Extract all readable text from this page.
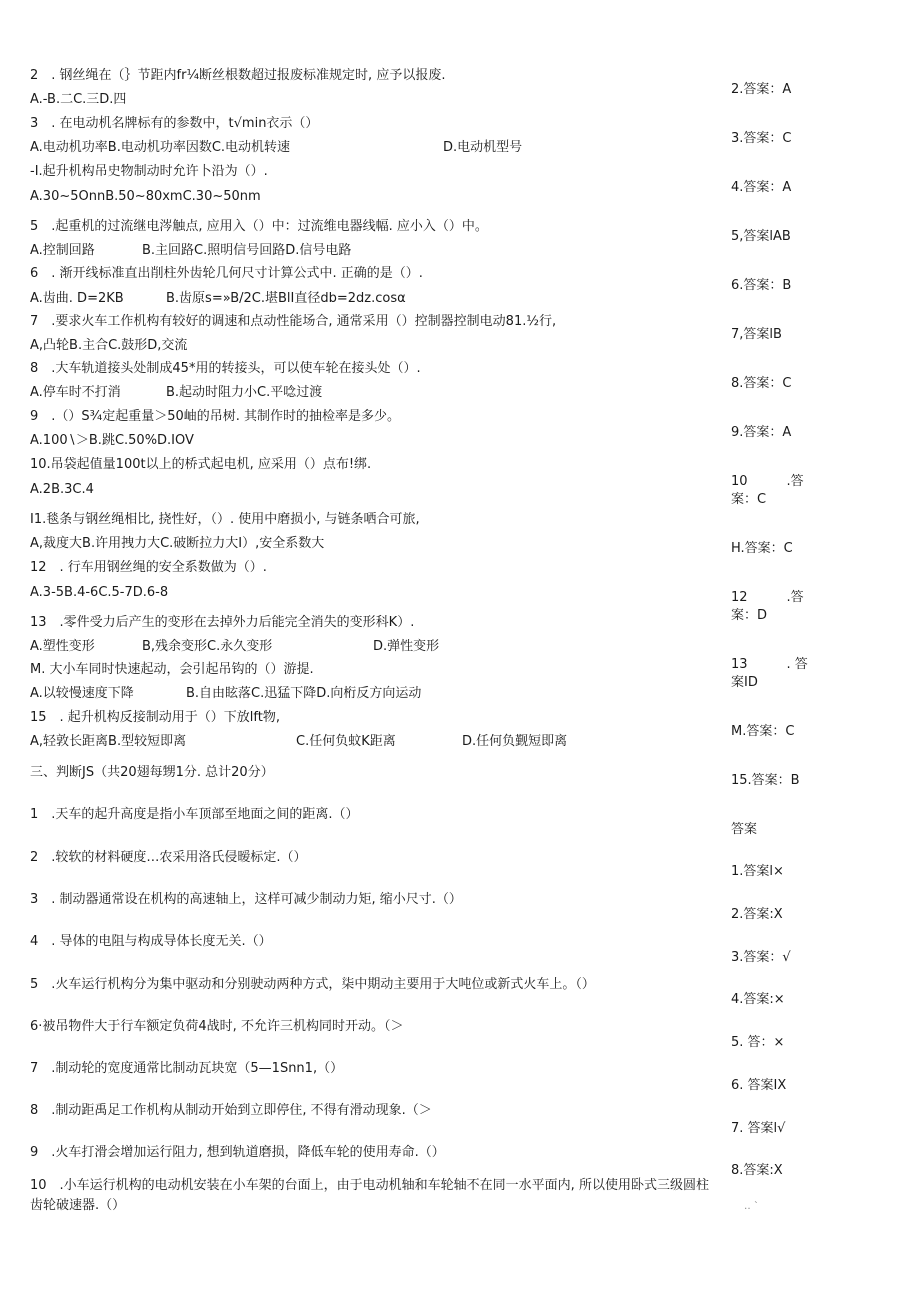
2　. 钢丝绳在（｝节距内fr¼断丝根数超过报废标准规定时, 应予以报废.
A.-B.二C.三D.四
3　. 在电动机名牌标有的参数中，t√min衣示（）
A.电动机功率B.电动机功率因数C.电动机转速	D.电动机型号
-I.起升机构吊史物制动时允许卜沿为（）.
A.30~5OnnB.50~80xmC.30~50nm
5　.起重机的过流继电涔触点, 应用入（）中：过流维电器线幅. 应小入（）中。
A.控制回路	B.主回路C.照明信号回路D.信号电路
6　. 渐开线标准直出削柱外齿轮几何尺寸计算公式中. 正确的是（）.
A.齿曲. D=2KB	B.齿原s=»B/2C.堪BlI直径db=2dz.cosα
7　.要求火车工作机构有较好的调速和点动性能场合, 通常采用（）控制器控制电动81.½行,
A,凸轮B.主合C.鼓形D,交流
8　.大车轨道接头处制成45*用的转接头，可以使车轮在接头处（）.
A.停车时不打消	B.起动时阻力小C.平唸过渡
9　.（）S¾定起重量＞50岫的吊树. 其制作时的抽检率是多少。
A.100∖＞B.跳C.50%D.IOV
10.吊袋起值量100t以上的桥式起电机, 应采用（）点布!绑.
A.2B.3C.4
I1.毯条与钢丝绳相比, 挠性好，（）. 使用中磨损小, 与链条哂合可旅,
A,裁度大B.许用拽力大C.破断拉力大I）,安全系数大
12　. 行车用钢丝绳的安全系数做为（）.
A.3-5B.4-6C.5-7D.6-8
13　.零件受力后产生的变形在去掉外力后能完全消失的变形科K）.
A.塑性变形	B,残余变形C.永久变形	D.弹性变形
M. 大小车同时快速起动，会引起吊钩的（）游提.
A.以较慢速度下降	B.自由眩落C.迅猛下降D.向桁反方向运动
15　. 起升机构反接制动用于（）下放lft物,
A,轻敦长距离B.型较短即离	C.任何负蚊K距离	D.任何负觐短即离
三、判断JS（共20翅每甥1分. 总计20分）
1　.天车的起升高度是指小车顶部至地面之间的距离.（）
2　.较软的材料硬度…农采用洛氏侵暧标定.（）
3　. 制动器通常设在机构的高速轴上，这样可减少制动力矩, 缩小尺寸.（）
4　. 导体的电阻与构成导体长度无关.（）
5　.火车运行机构分为集中驱动和分别驶动两种方式，柒中期动主要用于大吨位或新式火车上。（）
6·被吊物件大于行车额定负荷4战时, 不允许三机构同时开动。（＞
7　.制动轮的宽度通常比制动瓦块宽（5—1Snn1,（）
8　.制动距禹足工作机构从制动开始到立即停住, 不得有滑动现象.（＞
9　.火车打滑会增加运行阻力, 想到轨道磨损，降低车轮的使用寿命.（）
10　.小车运行机构的电动机安装在小车架的台面上，由于电动机轴和车轮轴不在同一水平面内, 所以使用卧式三级圆柱齿轮破速器.（）
2.答案：A
3.答案：C
4.答案：A
5,答案lAB
6.答案：B
7,答案lB
8.答案：C
9.答案：A
10　　　.答
案：C
H.答案：C
12　　　.答
案：D
13　　　. 答
案ID
M.答案：C
15.答案：B
答案
1.答案l×
2.答案:X
3.答案：√
4.答案:×
5. 答：×
6. 答案IX
7. 答案l√
8.答案:X
‥ `
